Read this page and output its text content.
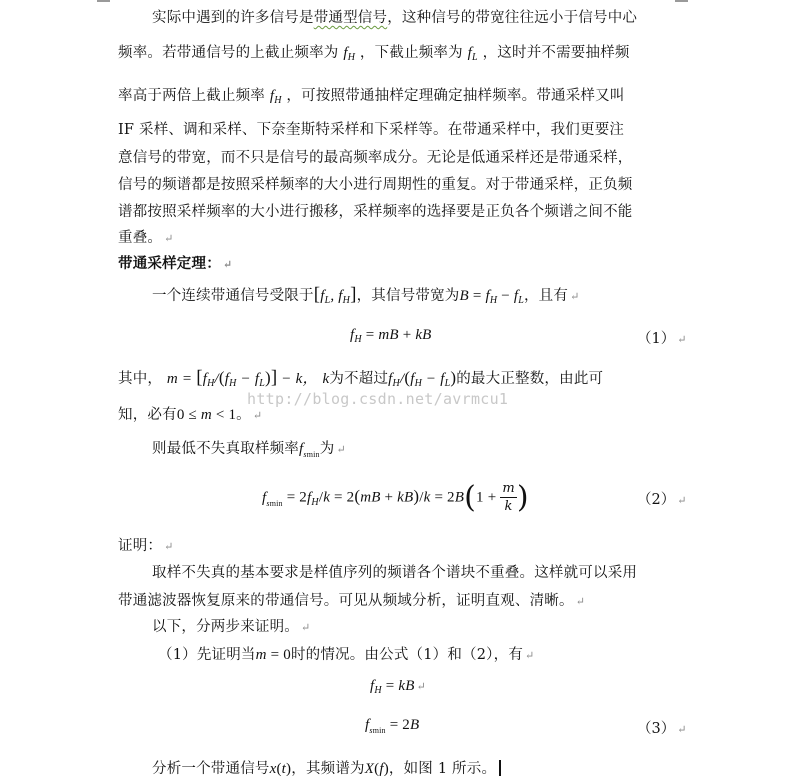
实际中遇到的许多信号是带通型信号，这种信号的带宽往往远小于信号中心
频率。若带通信号的上截止频率为 $f_H$ ，下截止频率为 $f_L$ ，这时并不需要抽样频
率高于两倍上截止频率 $f_H$ ，可按照带通抽样定理确定抽样频率。带通采样又叫
IF 采样、调和采样、下奈奎斯特采样和下采样等。在带通采样中，我们更要注
意信号的带宽，而不只是信号的最高频率成分。无论是低通采样还是带通采样，
信号的频谱都是按照采样频率的大小进行周期性的重复。对于带通采样，正负频
谱都按照采样频率的大小进行搬移，采样频率的选择要是正负各个频谱之间不能
重叠。 ↵
带通采样定理： ↵
一个连续带通信号受限于[$f_L$, $f_H$]，其信号带宽为$B = f_H - f_L$，且有 ↵
$f_H$ = mB + kB	（1） ↵
其中， $m = [f_H/(f_H - f_L)] - k$， k为不超过$f_H/(f_H - f_L)$的最大正整数，由此可
知，必有0 ≤ m < 1。 ↵
http://blog.csdn.net/avrmcu1
则最低不失真取样频率$f_{smin}$为 ↵
$f_{smin} = 2f_H/k = 2(mB + kB)/k = 2B(1 + \frac{m}{k}$ )	（2） ↵
证明： ↵
取样不失真的基本要求是样值序列的频谱各个谱块不重叠。这样就可以采用
带通滤波器恢复原来的带通信号。可见从频域分析，证明直观、清晰。 ↵
以下，分两步来证明。 ↵
（1）先证明当m = 0时的情况。由公式（1）和（2），有 ↵
$f_H$ = kB ↵
$f_{smin} = 2B$	（3） ↵
分析一个带通信号x(t)，其频谱为X(f)，如图 1 所示。
